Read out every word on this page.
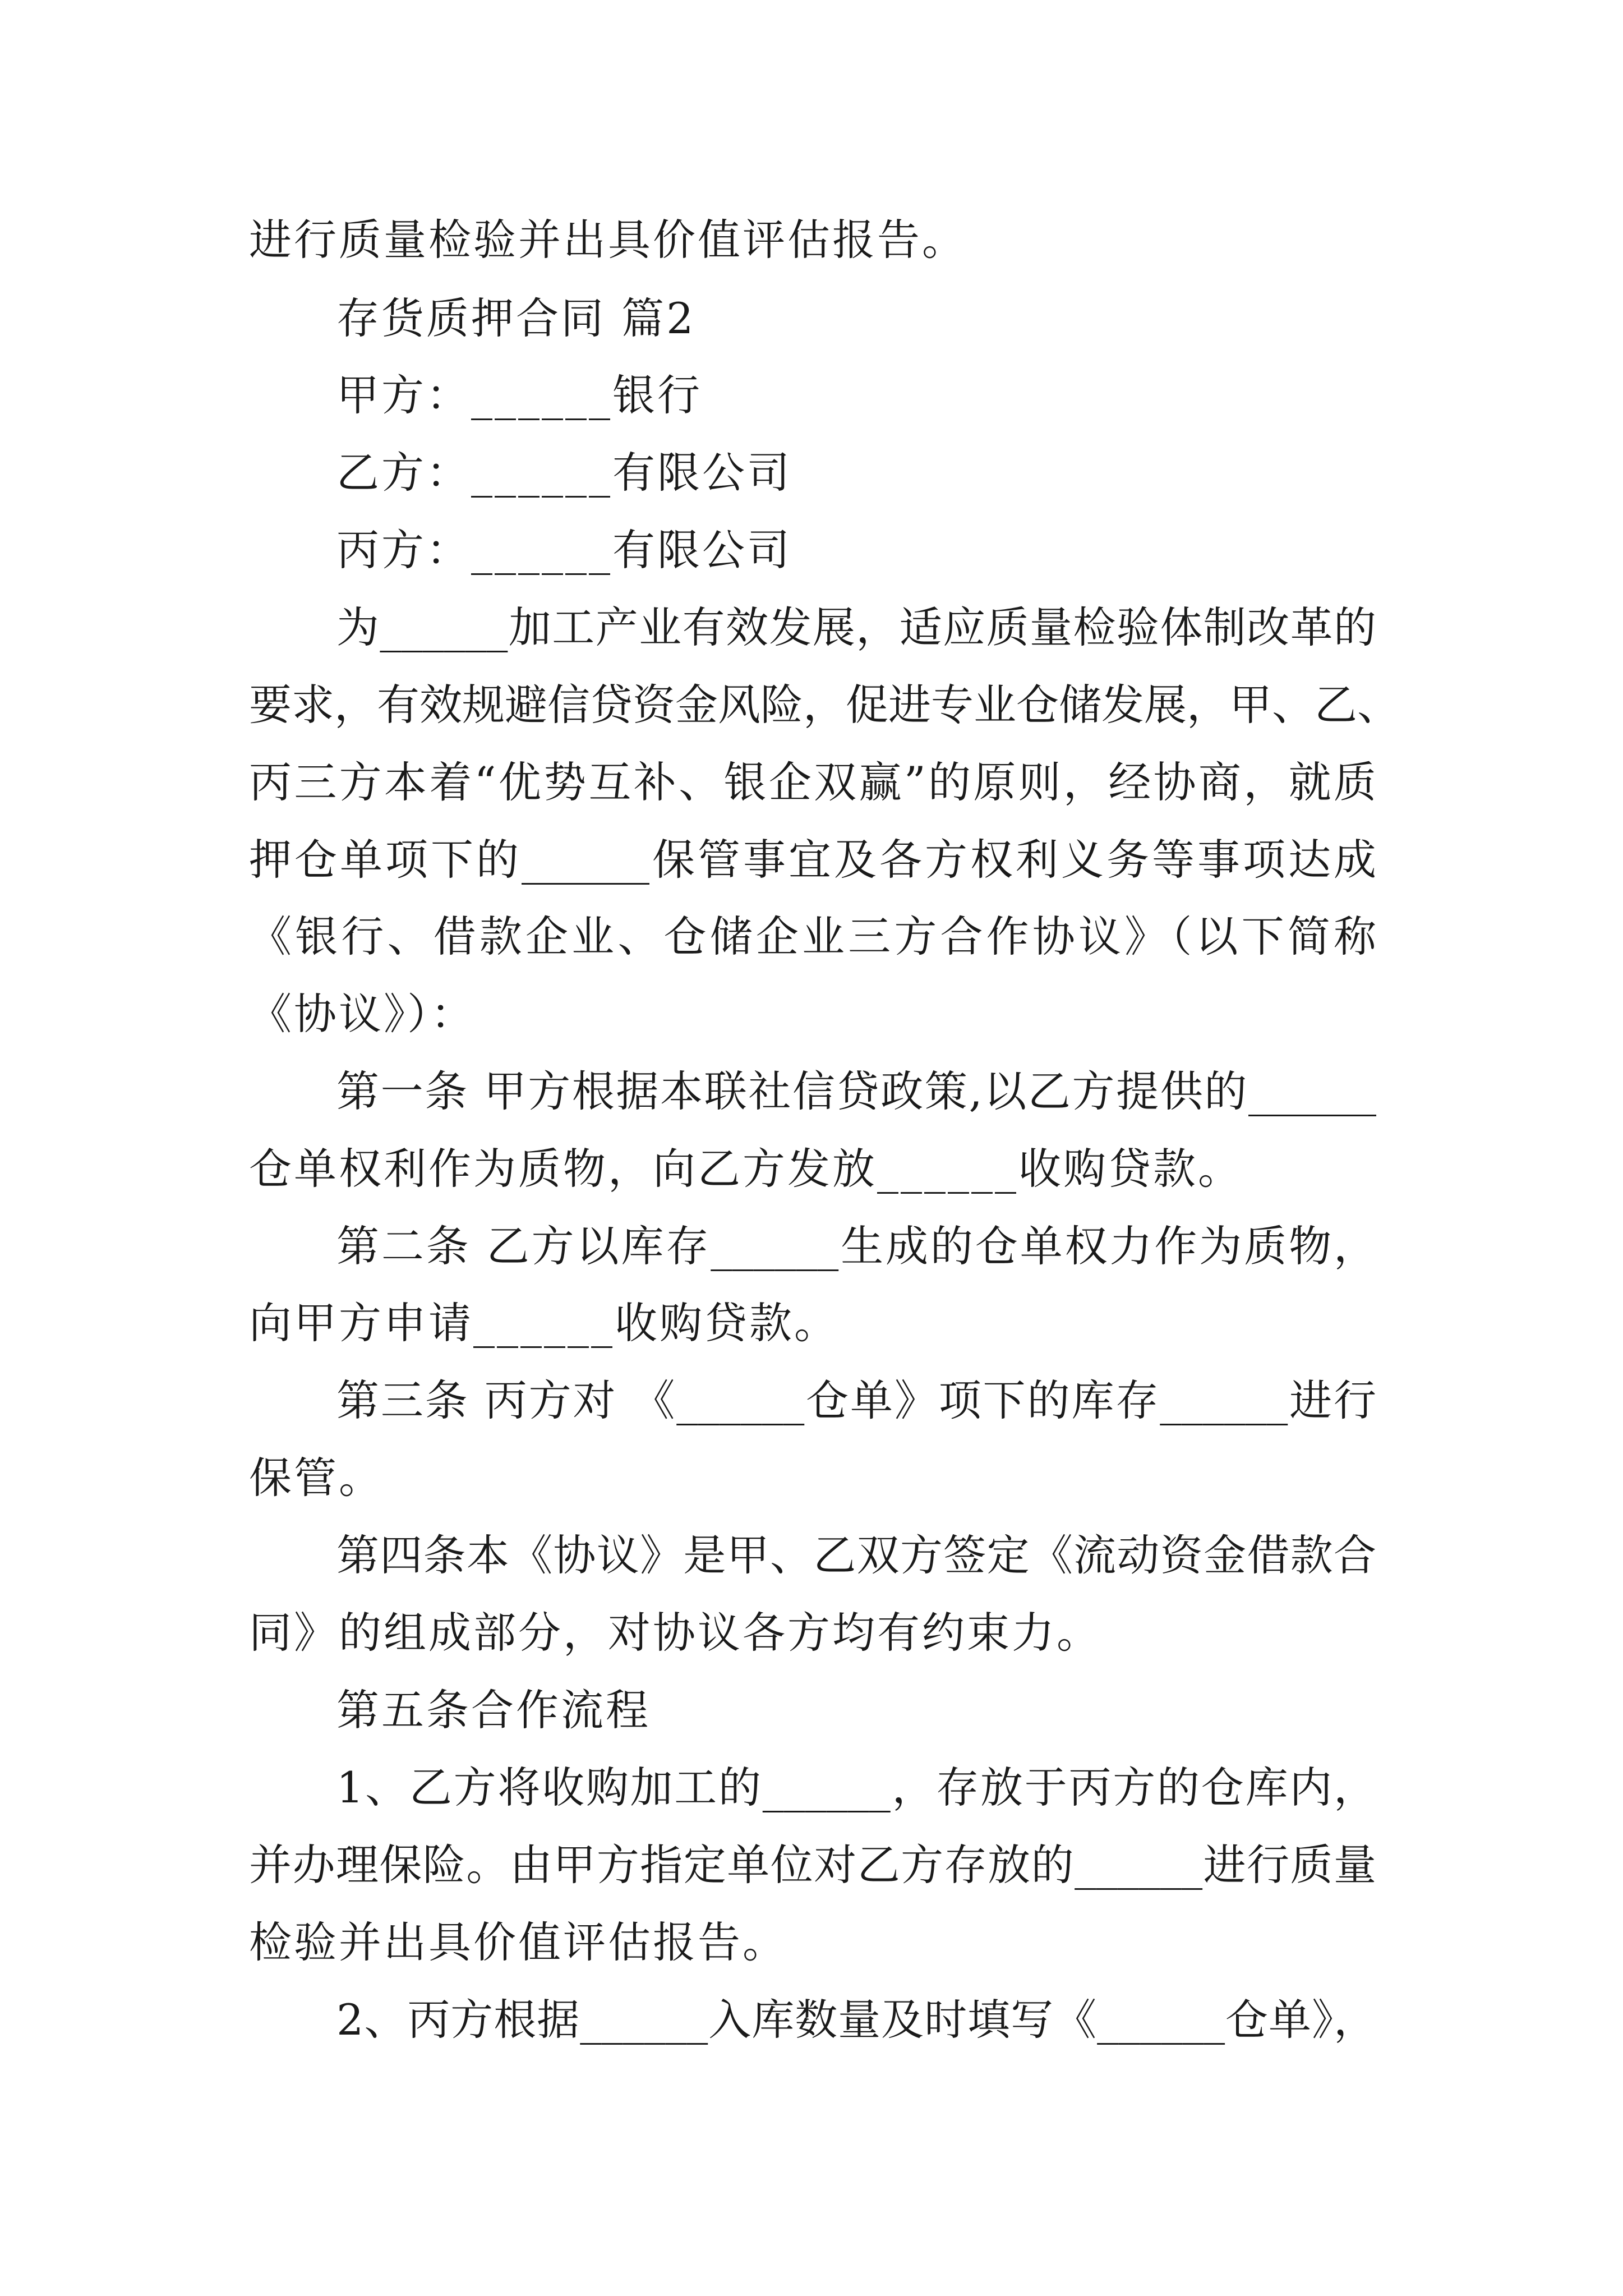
进行质量检验并出具价值评估报告。

存货质押合同 篇2

甲方：______银行

乙方：______有限公司

丙方：______有限公司

为______加工产业有效发展，适应质量检验体制改革的

要求，有效规避信贷资金风险，促进专业仓储发展，甲、乙、

丙三方本着“优势互补、银企双赢”的原则，经协商，就质

押仓单项下的______保管事宜及各方权利义务等事项达成

《银行、借款企业、仓储企业三方合作协议》（以下简称

《协议》）：

第一条 甲方根据本联社信贷政策,以乙方提供的______

仓单权利作为质物，向乙方发放______收购贷款。

第二条 乙方以库存______生成的仓单权力作为质物，

向甲方申请______收购贷款。

第三条 丙方对 《______仓单》项下的库存______进行

保管。

第四条本《协议》是甲、乙双方签定《流动资金借款合

同》的组成部分，对协议各方均有约束力。

第五条合作流程

1、乙方将收购加工的______，存放于丙方的仓库内，

并办理保险。由甲方指定单位对乙方存放的______进行质量

检验并出具价值评估报告。

2、丙方根据______入库数量及时填写《______仓单》，
